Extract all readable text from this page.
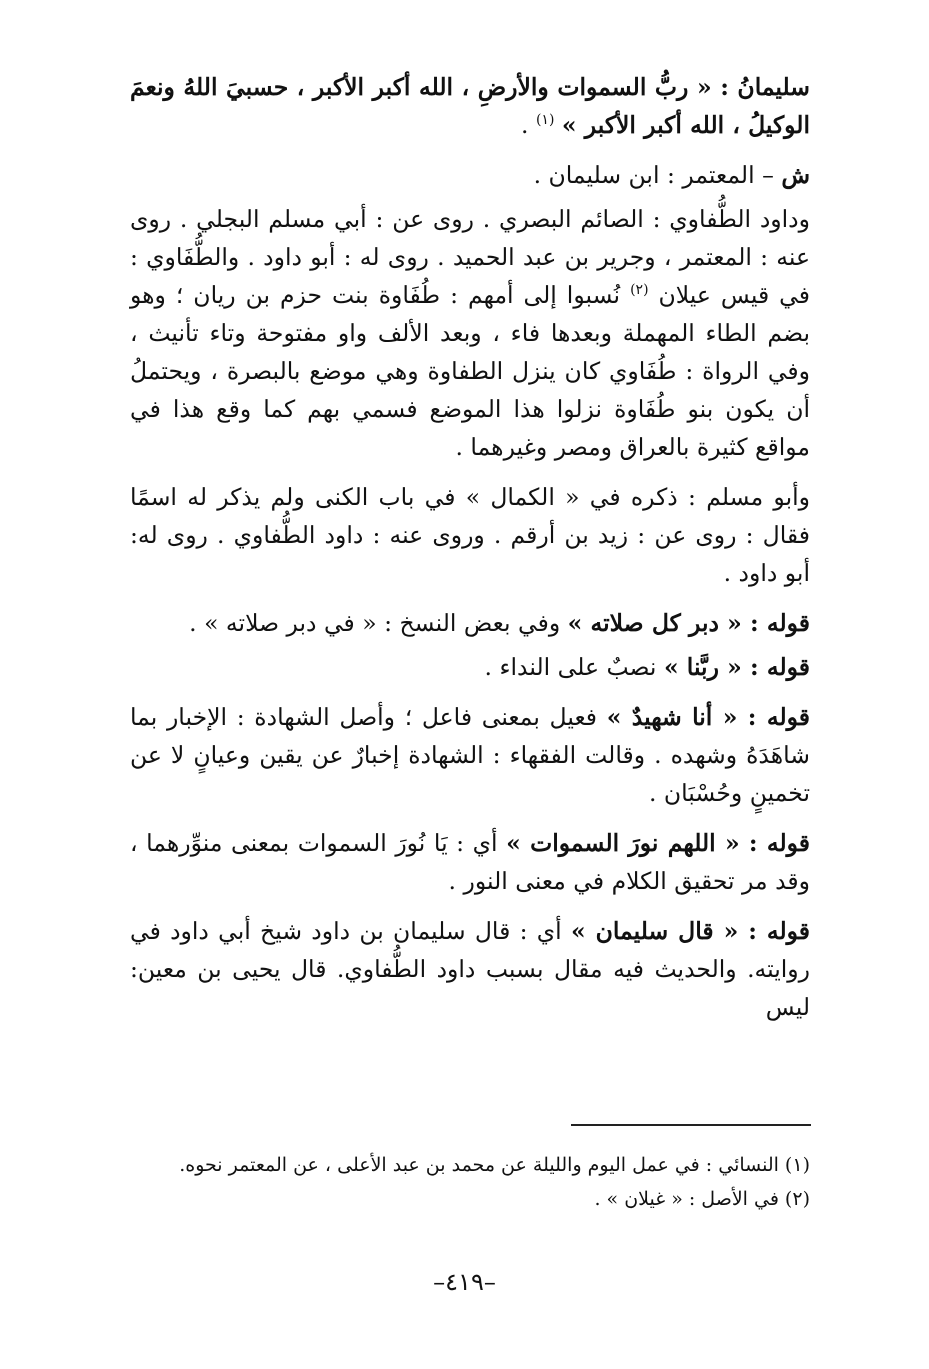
سليمانُ : « ربُّ السموات والأرضِ ، الله أكبر الأكبر ، حسبيَ اللهُ ونعمَ الوكيلُ ، الله أكبر الأكبر » $^{(١)}$ .

ش – المعتمر : ابن سليمان .

وداود الطُّفاوي : الصائم البصري . روى عن : أبي مسلم البجلي . روى عنه : المعتمر ، وجرير بن عبد الحميد . روى له : أبو داود . والطُّفَاوي : في قيس عيلان $^{(٢)}$ نُسبوا إلى أمهم : طُفَاوة بنت حزم بن ريان ؛ وهو بضم الطاء المهملة وبعدها فاء ، وبعد الألف واو مفتوحة وتاء تأنيث ، وفي الرواة : طُفَاوي كان ينزل الطفاوة وهي موضع بالبصرة ، ويحتملُ أن يكون بنو طُفَاوة نزلوا هذا الموضع فسمي بهم كما وقع هذا في مواقع كثيرة بالعراق ومصر وغيرهما .

وأبو مسلم : ذكره في « الكمال » في باب الكنى ولم يذكر له اسمًا فقال : روى عن : زيد بن أرقم . وروى عنه : داود الطُّفاوي . روى له: أبو داود .

قوله : « دبر كل صلاته » وفي بعض النسخ : « في دبر صلاته » .

قوله : « ربَّنا » نصبٌ على النداء .

قوله : « أنا شهيدٌ » فعيل بمعنى فاعل ؛ وأصل الشهادة : الإخبار بما شاهَدَهُ وشهده . وقالت الفقهاء : الشهادة إخبارٌ عن يقين وعيانٍ لا عن تخمينٍ وحُسْبَان .

قوله : « اللهم نورَ السموات » أي : يَا نُورَ السموات بمعنى منوِّرهما ، وقد مر تحقيق الكلام في معنى النور .

قوله : « قال سليمان » أي : قال سليمان بن داود شيخ أبي داود في روايته. والحديث فيه مقال بسبب داود الطُّفاوي. قال يحيى بن معين: ليس

(١) النسائي : في عمل اليوم والليلة عن محمد بن عبد الأعلى ، عن المعتمر نحوه.

(٢) في الأصل : « غيلان » .

–٤١٩–
